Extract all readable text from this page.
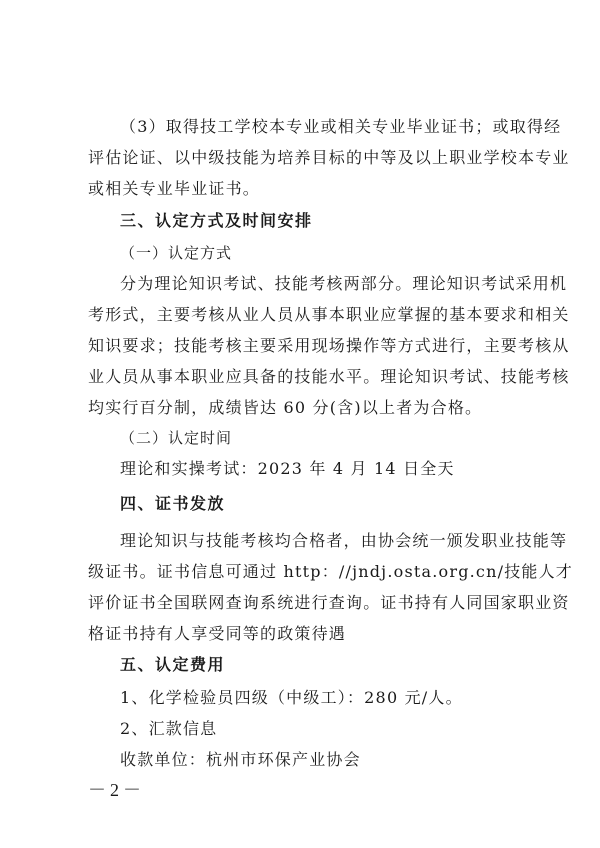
（3）取得技工学校本专业或相关专业毕业证书；或取得经
评估论证、以中级技能为培养目标的中等及以上职业学校本专业
或相关专业毕业证书。
三、认定方式及时间安排
（一）认定方式
分为理论知识考试、技能考核两部分。理论知识考试采用机
考形式，主要考核从业人员从事本职业应掌握的基本要求和相关
知识要求；技能考核主要采用现场操作等方式进行，主要考核从
业人员从事本职业应具备的技能水平。理论知识考试、技能考核
均实行百分制，成绩皆达 60 分(含)以上者为合格。
（二）认定时间
理论和实操考试：2023 年 4 月 14 日全天
四、证书发放
理论知识与技能考核均合格者，由协会统一颁发职业技能等
级证书。证书信息可通过 http：//jndj.osta.org.cn/技能人才
评价证书全国联网查询系统进行查询。证书持有人同国家职业资
格证书持有人享受同等的政策待遇
五、认定费用
1、化学检验员四级（中级工）：280 元/人。
2、汇款信息
收款单位：杭州市环保产业协会
－2－
